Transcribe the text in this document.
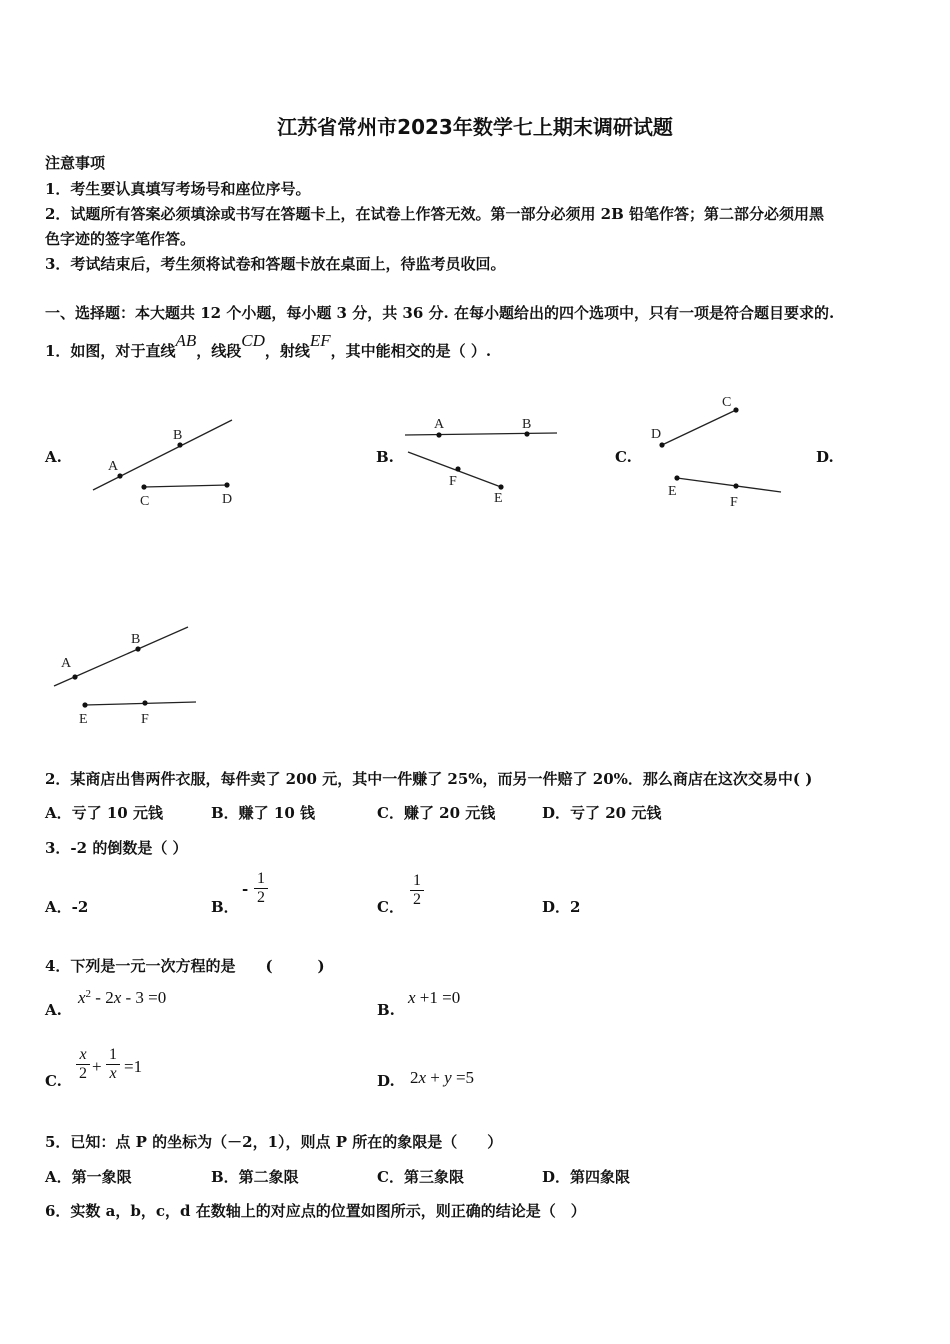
江苏省常州市2023年数学七上期末调研试题
注意事项
1．考生要认真填写考场号和座位序号。
2．试题所有答案必须填涂或书写在答题卡上，在试卷上作答无效。第一部分必须用 2B 铅笔作答；第二部分必须用黑
色字迹的签字笔作答。
3．考试结束后，考生须将试卷和答题卡放在桌面上，待监考员收回。
一、选择题：本大题共 12 个小题，每小题 3 分，共 36 分. 在每小题给出的四个选项中，只有一项是符合题目要求的.
1．如图，对于直线AB，线段CD，射线EF，其中能相交的是（ ）.
A.	B.	C.	D.
B
A
C	D
A	B
F
E
C
D
E
F
B
A
E	F
2．某商店出售两件衣服，每件卖了 200 元，其中一件赚了 25%，而另一件赔了 20%．那么商店在这次交易中( )
A．亏了 10 元钱	B．赚了 10 钱	C．赚了 20 元钱	D．亏了 20 元钱
3．-2 的倒数是（ ）
A．-2	B．
- $\frac{1}{2}$	C． $\frac{1}{2}$	D．2
4．下列是一元一次方程的是　　(　　　)
A.
$x^2 - 2x - 3 =0$
B.
x +1 =0
C. $\frac{x}{2} + \frac{1}{x} =1$
D. 2x + y =5
5．已知：点 P 的坐标为（－2，1），则点 P 所在的象限是（　　）
A．第一象限	B．第二象限	C．第三象限	D．第四象限
6．实数 a，b，c，d 在数轴上的对应点的位置如图所示，则正确的结论是（　）
